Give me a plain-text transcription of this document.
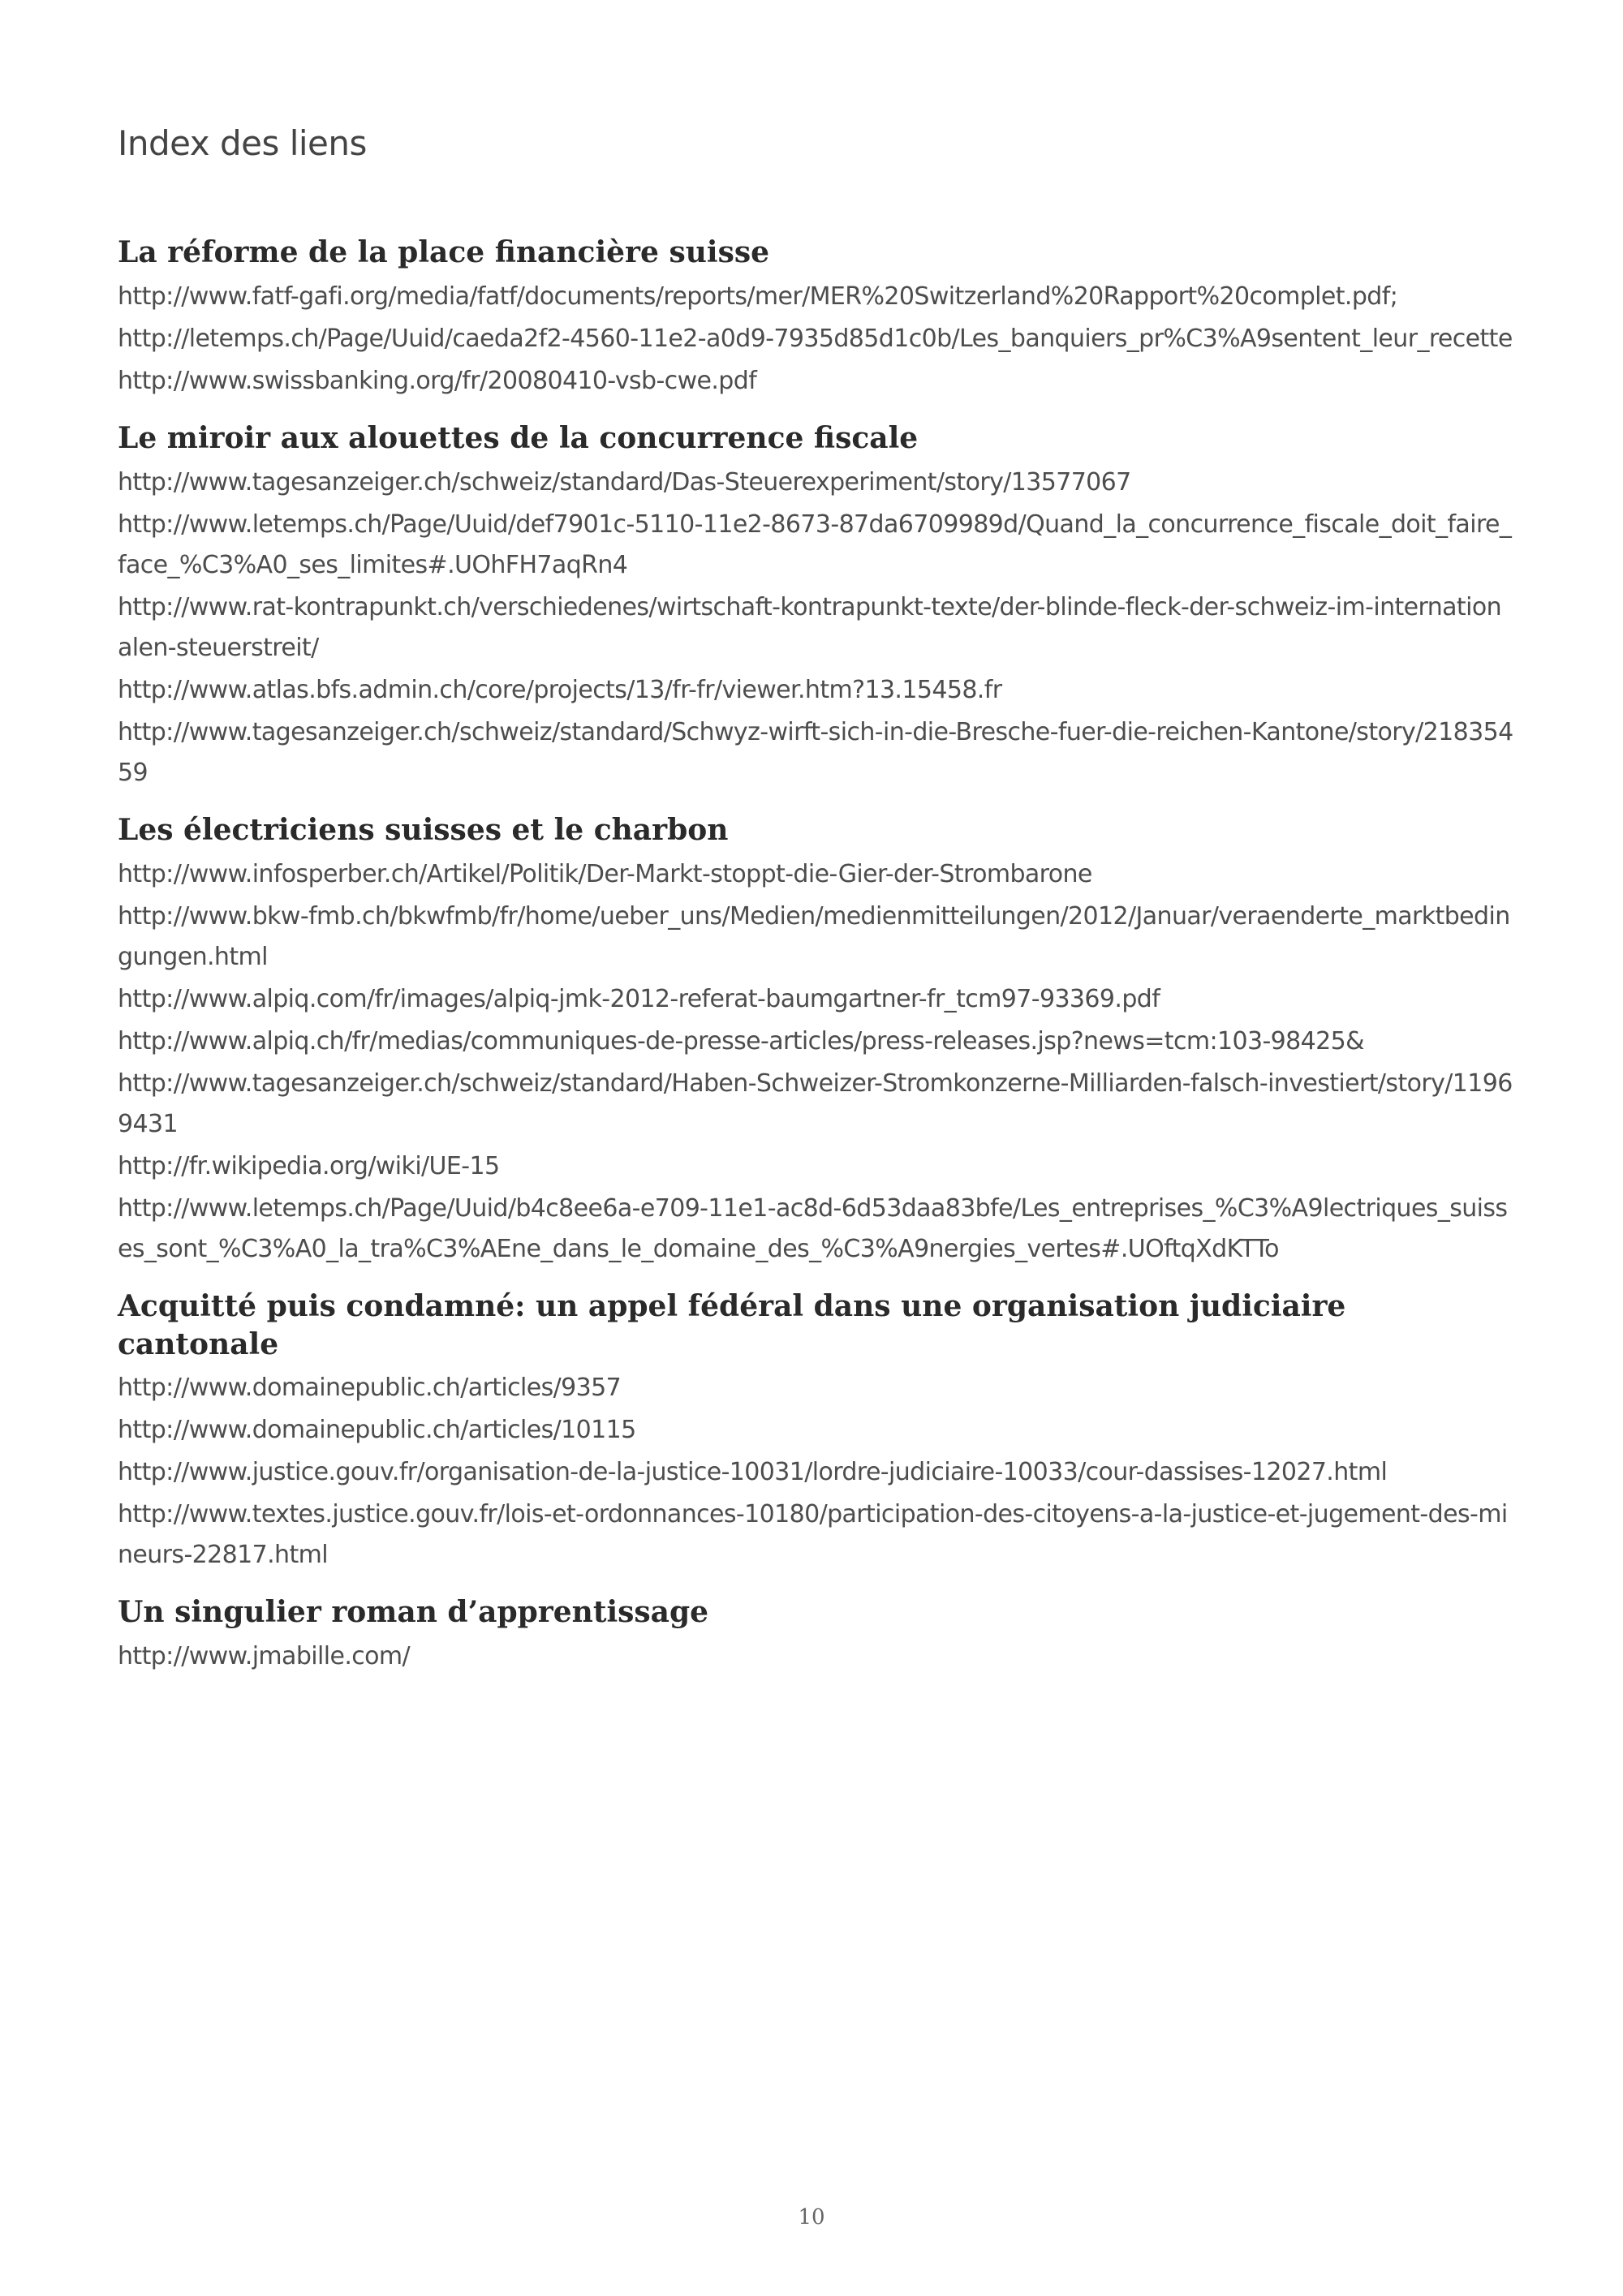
Index des liens
La réforme de la place financière suisse
http://www.fatf-gafi.org/media/fatf/documents/reports/mer/MER%20Switzerland%20Rapport%20complet.pdf;
http://letemps.ch/Page/Uuid/caeda2f2-4560-11e2-a0d9-7935d85d1c0b/Les_banquiers_pr%C3%A9sentent_leur_recette
http://www.swissbanking.org/fr/20080410-vsb-cwe.pdf
Le miroir aux alouettes de la concurrence fiscale
http://www.tagesanzeiger.ch/schweiz/standard/Das-Steuerexperiment/story/13577067
http://www.letemps.ch/Page/Uuid/def7901c-5110-11e2-8673-87da6709989d/Quand_la_concurrence_fiscale_doit_faire_face_%C3%A0_ses_limites#.UOhFH7aqRn4
http://www.rat-kontrapunkt.ch/verschiedenes/wirtschaft-kontrapunkt-texte/der-blinde-fleck-der-schweiz-im-internationalen-steuerstreit/
http://www.atlas.bfs.admin.ch/core/projects/13/fr-fr/viewer.htm?13.15458.fr
http://www.tagesanzeiger.ch/schweiz/standard/Schwyz-wirft-sich-in-die-Bresche-fuer-die-reichen-Kantone/story/21835459
Les électriciens suisses et le charbon
http://www.infosperber.ch/Artikel/Politik/Der-Markt-stoppt-die-Gier-der-Strombarone
http://www.bkw-fmb.ch/bkwfmb/fr/home/ueber_uns/Medien/medienmitteilungen/2012/Januar/veraenderte_marktbedingungen.html
http://www.alpiq.com/fr/images/alpiq-jmk-2012-referat-baumgartner-fr_tcm97-93369.pdf
http://www.alpiq.ch/fr/medias/communiques-de-presse-articles/press-releases.jsp?news=tcm:103-98425&
http://www.tagesanzeiger.ch/schweiz/standard/Haben-Schweizer-Stromkonzerne-Milliarden-falsch-investiert/story/11969431
http://fr.wikipedia.org/wiki/UE-15
http://www.letemps.ch/Page/Uuid/b4c8ee6a-e709-11e1-ac8d-6d53daa83bfe/Les_entreprises_%C3%A9lectriques_suisses_sont_%C3%A0_la_tra%C3%AEne_dans_le_domaine_des_%C3%A9nergies_vertes#.UOftqXdKTTo
Acquitté puis condamné: un appel fédéral dans une organisation judiciaire cantonale
http://www.domainepublic.ch/articles/9357
http://www.domainepublic.ch/articles/10115
http://www.justice.gouv.fr/organisation-de-la-justice-10031/lordre-judiciaire-10033/cour-dassises-12027.html
http://www.textes.justice.gouv.fr/lois-et-ordonnances-10180/participation-des-citoyens-a-la-justice-et-jugement-des-mineurs-22817.html
Un singulier roman d’apprentissage
http://www.jmabille.com/
10
